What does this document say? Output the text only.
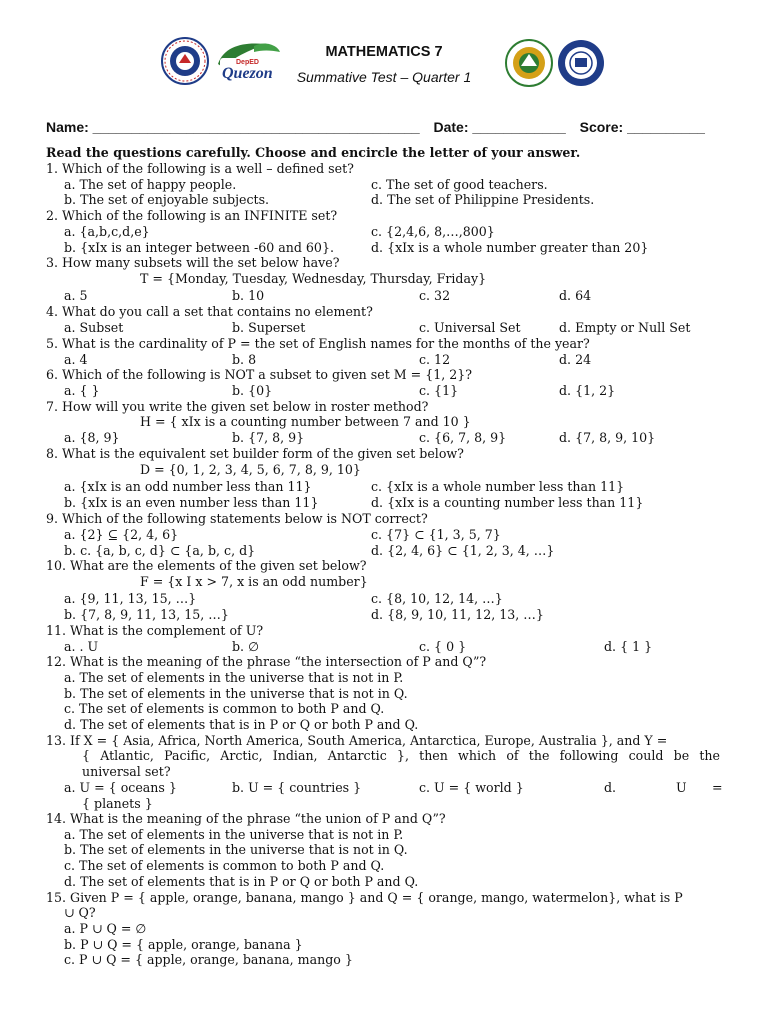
DepED
Quezon
MATHEMATICS 7
Summative Test – Quarter 1
Name: __________________________________________ Date: ____________ Score: __________
Read the questions carefully. Choose and encircle the letter of your answer.
1. Which of the following is a well – defined set?
a. The set of happy people.	c. The set of good teachers.
b. The set of enjoyable subjects.	d. The set of Philippine Presidents.
2. Which of the following is an INFINITE set?
a. {a,b,c,d,e}	c. {2,4,6, 8,…,800}
b. {xIx is an integer between -60 and 60}.	d. {xIx is a whole number greater than 20}
3. How many subsets will the set below have?
T = {Monday, Tuesday, Wednesday, Thursday, Friday}
a. 5	b. 10	c. 32	d. 64
4. What do you call a set that contains no element?
a. Subset	b. Superset	c. Universal Set	d. Empty or Null Set
5. What is the cardinality of P = the set of English names for the months of the year?
a. 4	b. 8	c. 12	d. 24
6. Which of the following is NOT a subset to given set M = {1, 2}?
a. { }	b. {0}	c. {1}	d. {1, 2}
7. How will you write the given set below in roster method?
H = { xIx is a counting number between 7 and 10 }
a. {8, 9}	b. {7, 8, 9}	c. {6, 7, 8, 9}	d. {7, 8, 9, 10}
8. What is the equivalent set builder form of the given set below?
D = {0, 1, 2, 3, 4, 5, 6, 7, 8, 9, 10}
a. {xIx is an odd number less than 11}	c. {xIx is a whole number less than 11}
b. {xIx is an even number less than 11}	d. {xIx is a counting number less than 11}
9. Which of the following statements below is NOT correct?
a. {2} ⊆ {2, 4, 6}	c. {7} ⊂ {1, 3, 5, 7}
b. c. {a, b, c, d} ⊂ {a, b, c, d}	d. {2, 4, 6} ⊂ {1, 2, 3, 4, …}
10. What are the elements of the given set below?
F = {x I x > 7, x is an odd number}
a. {9, 11, 13, 15, …}	c. {8, 10, 12, 14, …}
b. {7, 8, 9, 11, 13, 15, …}	d. {8, 9, 10, 11, 12, 13, …}
11. What is the complement of U?
a. . U	b. ∅	c. { 0 }	d. { 1 }
12. What is the meaning of the phrase “the intersection of P and Q”?
a. The set of elements in the universe that is not in P.
b. The set of elements in the universe that is not in Q.
c. The set of elements is common to both P and Q.
d. The set of elements that is in P or Q or both P and Q.
13. If X = { Asia, Africa, North America, South America, Antarctica, Europe, Australia }, and Y =
{ Atlantic, Pacific, Arctic, Indian, Antarctic }, then which of the following could be the
universal set?
a. U = { oceans }	b. U = { countries }	c. U = { world }	d.	U =
{ planets }
14. What is the meaning of the phrase “the union of P and Q”?
a. The set of elements in the universe that is not in P.
b. The set of elements in the universe that is not in Q.
c. The set of elements is common to both P and Q.
d. The set of elements that is in P or Q or both P and Q.
15. Given P = { apple, orange, banana, mango } and Q = { orange, mango, watermelon}, what is P
∪ Q?
a. P ∪ Q = ∅
b. P ∪ Q = { apple, orange, banana }
c. P ∪ Q = { apple, orange, banana, mango }
